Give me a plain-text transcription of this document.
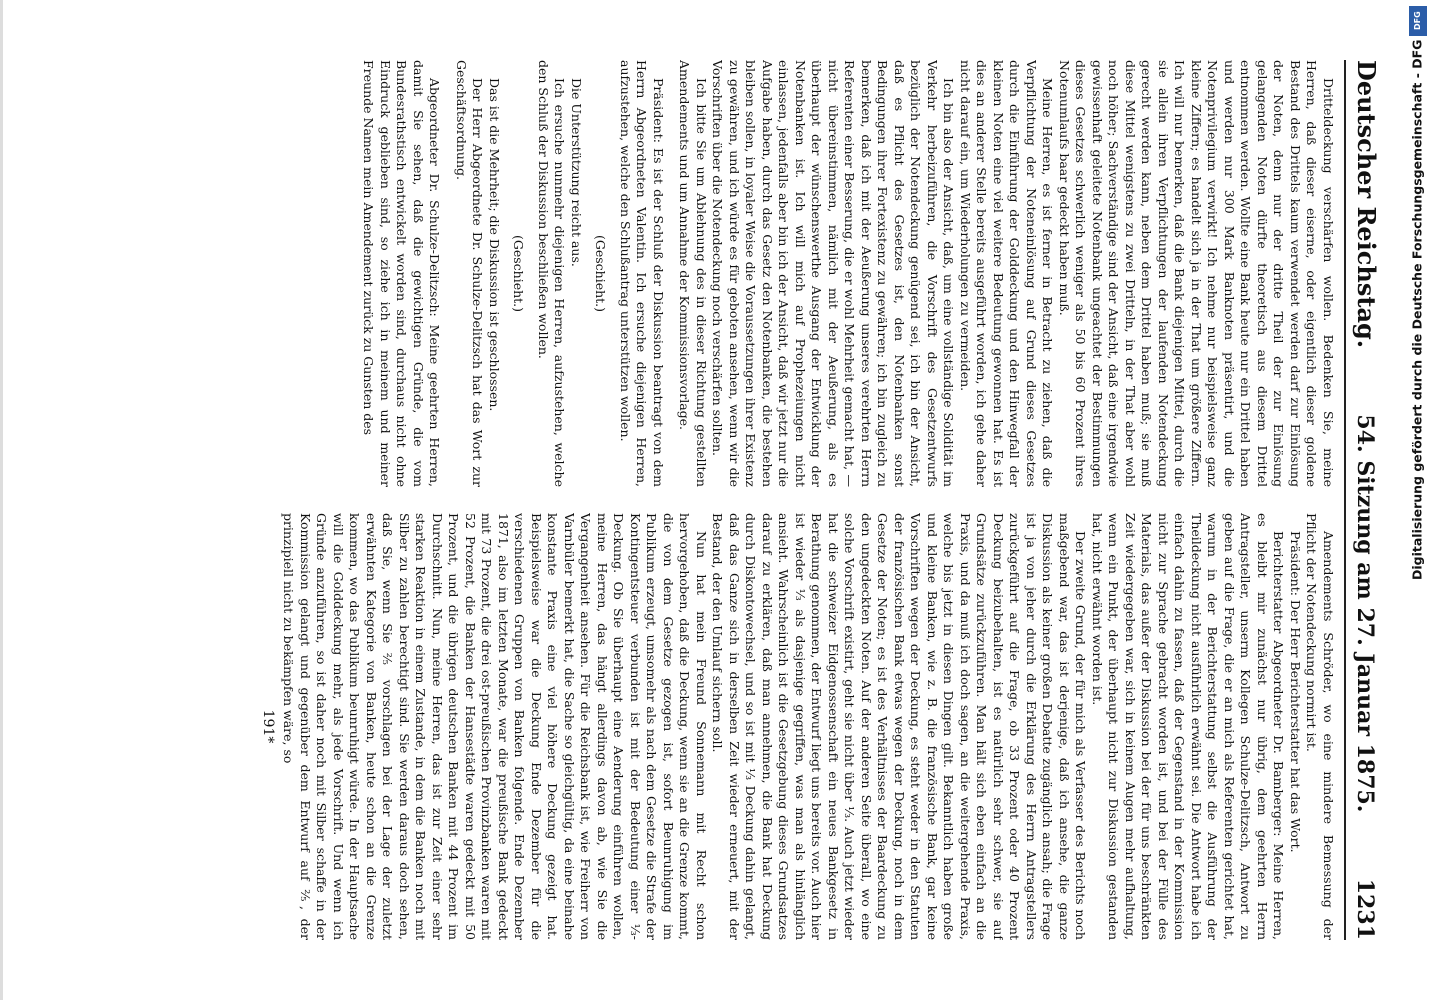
Deutscher Reichstag.
54. Sitzung am 27. Januar 1875.
1231

Dritteldeckung verschärfen wollen. Bedenken Sie, meine Herren, daß dieser eiserne, oder eigentlich dieser goldene Bestand des Drittels kaum verwendet werden darf zur Einlösung der Noten, denn nur der dritte Theil der zur Einlösung gelangenden Noten dürfte theoretisch aus diesem Drittel entnommen werden. Wollte eine Bank heute nur ein Drittel haben und werden nur 300 Mark Banknoten präsentirt, und die Notenprivilegium verwirkt! Ich nehme nur beispielsweise ganz kleine Ziffern; es handelt sich ja in der That um größere Ziffern. Ich will nur bemerken, daß die Bank diejenigen Mittel, durch die sie allein ihren Verpflichtungen der laufenden Notendeckung gerecht werden kann, neben dem Drittel haben muß; sie muß diese Mittel wenigstens zu zwei Dritteln, in der That aber wohl noch höher; Sachverständige sind der Ansicht, daß eine irgendwie gewissenhaft geleitete Notenbank ungeachtet der Bestimmungen dieses Gesetzes schwerlich weniger als 50 bis 60 Prozent ihres Notenumlaufs baar gedeckt haben muß.

Meine Herren, es ist ferner in Betracht zu ziehen, daß die Verpflichtung der Noteneinlösung auf Grund dieses Gesetzes durch die Einführung der Golddeckung und den Hinwegfall der kleinen Noten eine viel weitere Bedeutung gewonnen hat. Es ist dies an anderer Stelle bereits ausgeführt worden, ich gehe daher nicht darauf ein, um Wiederholungen zu vermeiden.

Ich bin also der Ansicht, daß, um eine vollständige Solidität im Verkehr herbeizuführen, die Vorschrift des Gesetzentwurfs bezüglich der Notendeckung genügend sei, ich bin der Ansicht, daß es Pflicht des Gesetzes ist, den Notenbanken sonst Bedingungen ihrer Fortexistenz zu gewähren; ich bin zugleich zu bemerken, daß ich mit der Aeußerung unseres verehrten Herrn Referenten einer Besserung, die er wohl Mehrheit gemacht hat, — nicht übereinstimmen, nämlich mit der Aeußerung, als es überhaupt der wünschenswerthe Ausgang der Entwicklung der Notenbanken ist. Ich will mich auf Prophezeiungen nicht einlassen, jedenfalls aber bin ich der Ansicht, daß wir jetzt nur die Aufgabe haben, durch das Gesetz den Notenbanken, die bestehen bleiben sollen, in loyaler Weise die Voraussetzungen ihrer Existenz zu gewähren, und ich würde es für geboten ansehen, wenn wir die Vorschriften über die Notendeckung noch verschärfen sollten.

Ich bitte Sie um Ablehnung des in dieser Richtung gestellten Amendements und um Annahme der Kommissionsvorlage.

Präsident: Es ist der Schluß der Diskussion beantragt von dem Herrn Abgeordneten Valentin. Ich ersuche diejenigen Herren, aufzustehen, welche den Schlußantrag unterstützen wollen.

(Geschieht.)

Die Unterstützung reicht aus.

Ich ersuche nunmehr diejenigen Herren, aufzustehen, welche den Schluß der Diskussion beschließen wollen.

(Geschieht.)

Das ist die Mehrheit; die Diskussion ist geschlossen.

Der Herr Abgeordnete Dr. Schulze-Delitzsch hat das Wort zur Geschäftsordnung.

Abgeordneter Dr. Schulze-Delitzsch: Meine geehrten Herren, damit Sie sehen, daß die gewichtigen Gründe, die vom Bundesrathstisch entwickelt worden sind, durchaus nicht ohne Eindruck geblieben sind, so ziehe ich in meinem und meiner Freunde Namen mein Amendement zurück zu Gunsten des

Amendements Schröder, wo eine mindere Bemessung der Pflicht der Notendeckung normirt ist.

Präsident: Der Herr Berichterstatter hat das Wort.

Berichterstatter Abgeordneter Dr. Bamberger: Meine Herren, es bleibt mir zunächst nur übrig, dem geehrten Herrn Antragsteller, unserm Kollegen Schulze-Delitzsch, Antwort zu geben auf die Frage, die er an mich als Referenten gerichtet hat, warum in der Berichterstattung selbst die Ausführung der Theildeckung nicht ausführlich erwähnt sei. Die Antwort habe ich einfach dahin zu fassen, daß der Gegenstand in der Kommission nicht zur Sprache gebracht worden ist, und bei der Fülle des Materials, das außer der Diskussion bei der für uns beschränkten Zeit wiedergegeben war, sich in keinem Augen mehr aufhaltung, wenn ein Punkt, der überhaupt nicht zur Diskussion gestanden hat, nicht erwähnt worden ist.

Der zweite Grund, der für mich als Verfasser des Berichts noch maßgebend war, das ist derjenige, daß ich ansehe, die ganze Diskussion als keiner großen Debatte zugänglich ansah; die Frage ist ja von jeher durch die Erklärung des Herrn Antragstellers zurückgeführt auf die Frage, ob 33 Prozent oder 40 Prozent Deckung beizubehalten, ist es natürlich sehr schwer, sie auf Grundsätze zurückzuführen. Man hält sich eben einfach an die Praxis, und da muß ich doch sagen, an die weitergehende Praxis, welche bis jetzt in diesen Dingen gilt. Bekanntlich haben große und kleine Banken, wie z. B. die französische Bank, gar keine Vorschriften wegen der Deckung, es steht weder in den Statuten der französischen Bank etwas wegen der Deckung, noch in dem Gesetze der Noten; es ist des Verhältnisses der Baardeckung zu den ungedeckten Noten. Auf der anderen Seite überall, wo eine solche Vorschrift existirt, geht sie nicht über ⅓. Auch jetzt wieder hat die schweizer Eidgenossenschaft ein neues Bankgesetz in Berathung genommen, der Entwurf liegt uns bereits vor. Auch hier ist wieder ⅓ als dasjenige gegriffen, was man als hinlänglich ansieht. Wahrscheinlich ist die Gesetzgebung dieses Grundsatzes darauf zu erklären, daß man annehmen, die Bank hat Deckung durch Diskontowechsel, und so ist mit ⅓ Deckung dahin gelangt, daß das Ganze sich in derselben Zeit wieder erneuert, mit der Bestand, der den Umlauf sichern soll.

Nun hat mein Freund Sonnemann mit Recht schon hervorgehoben, daß die Deckung, wenn sie an die Grenze kommt, die von dem Gesetze gezogen ist, sofort Beunruhigung im Publikum erzeugt, umsomehr als nach dem Gesetze die Strafe der Kontingentsteuer verbunden ist mit der Bedeutung einer ⅓-Deckung. Ob Sie überhaupt eine Aenderung einführen wollen, meine Herren, das hängt allerdings davon ab, wie Sie die Vergangenheit ansehen. Für die Reichsbank ist, wie Freiherr von Varnbüler bemerkt hat, die Sache so gleichgültig, da eine beinahe konstante Praxis eine viel höhere Deckung gezeigt hat. Beispielsweise war die Deckung Ende Dezember für die verschiedenen Gruppen von Banken folgende. Ende Dezember 1871, also im letzten Monate, war die preußische Bank gedeckt mit 73 Prozent, die drei ost-preußischen Provinzbanken waren mit 52 Prozent, die Banken der Hansestädte waren gedeckt mit 50 Prozent, und die übrigen deutschen Banken mit 44 Prozent im Durchschnitt. Nun, meine Herren, das ist zur Zeit einer sehr starken Reaktion in einem Zustande, in dem die Banken noch mit Silber zu zahlen berechtigt sind. Sie werden daraus doch sehen, daß Sie, wenn Sie ⅖ vorschlagen bei der Lage der zuletzt erwähnten Kategorie von Banken, heute schon an die Grenze kommen, wo das Publikum beunruhigt würde. In der Hauptsache will die Golddeckung mehr, als jede Vorschrift. Und wenn ich Gründe anzuführen, so ist daher noch mit Silber schaffe in der Kommission gelangt und gegenüber dem Entwurf auf ⅖, der prinzipiell nicht zu bekämpfen wäre, so

191*
DFG
Digitalisierung gefördert durch die Deutsche Forschungsgemeinschaft - DFG
